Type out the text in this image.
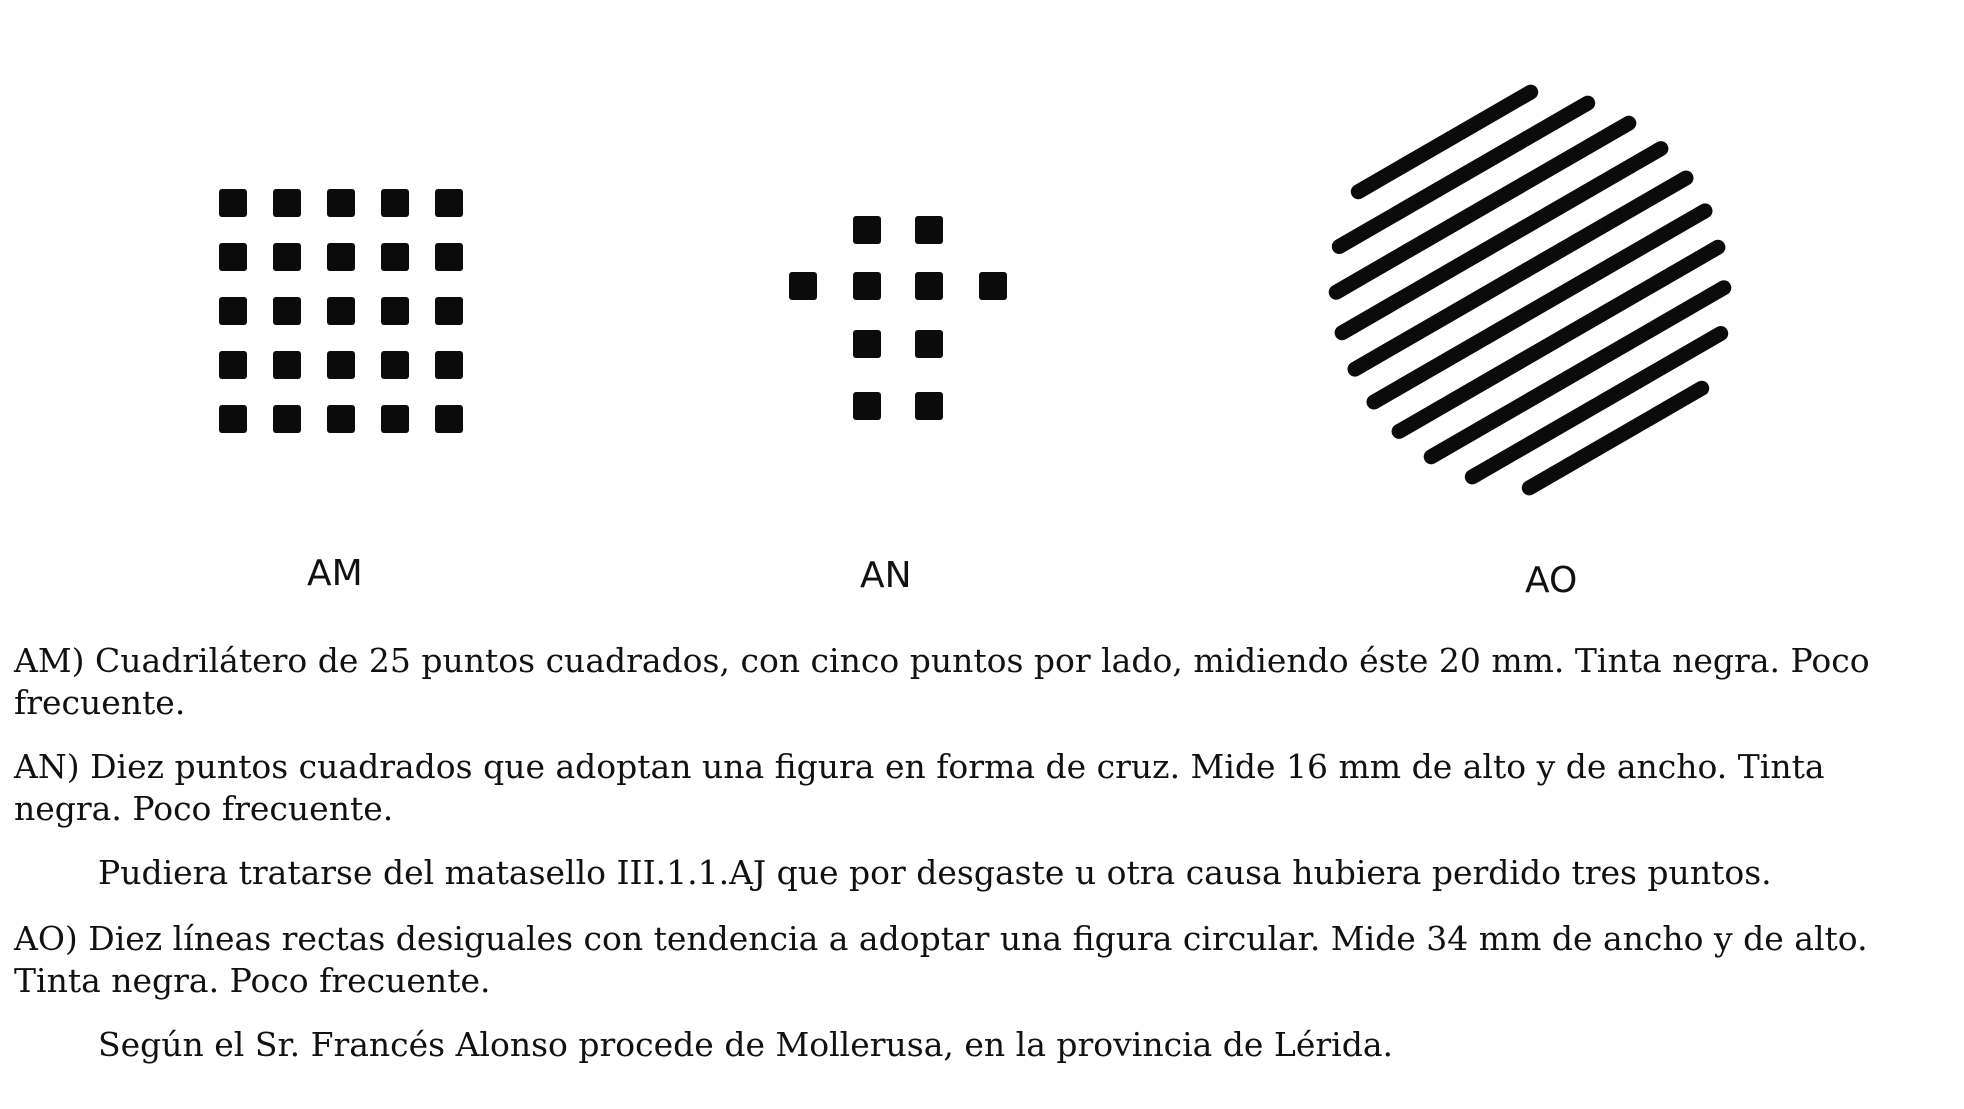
AM	AN	AO

AM) Cuadrilátero de 25 puntos cuadrados, con cinco puntos por lado, midiendo éste 20 mm. Tinta negra. Poco frecuente.

AN) Diez puntos cuadrados que adoptan una figura en forma de cruz. Mide 16 mm de alto y de ancho. Tinta negra. Poco frecuente.

Pudiera tratarse del matasello III.1.1.AJ que por desgaste u otra causa hubiera perdido tres puntos.

AO) Diez líneas rectas desiguales con tendencia a adoptar una figura circular. Mide 34 mm de ancho y de alto. Tinta negra. Poco frecuente.

Según el Sr. Francés Alonso procede de Mollerusa, en la provincia de Lérida.
